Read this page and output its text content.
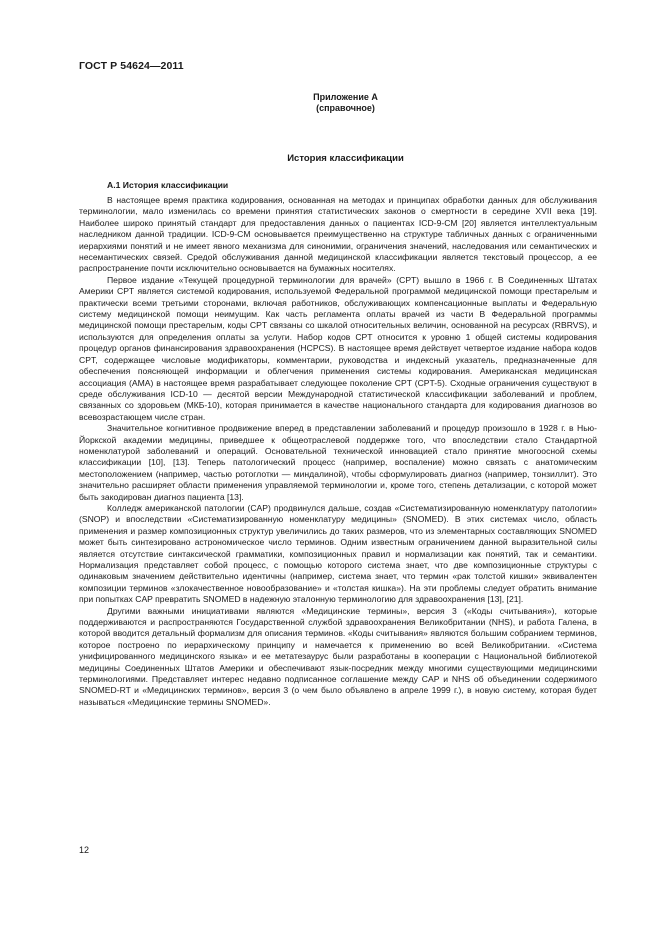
ГОСТ Р 54624—2011
Приложение А
(справочное)
История классификации
А.1 История классификации

В настоящее время практика кодирования, основанная на методах и принципах обработки данных для обслуживания терминологии, мало изменилась со времени принятия статистических законов о смертности в середине XVII века [19]. Наиболее широко принятый стандарт для предоставления данных о пациентах ICD-9-CM [20] является интеллектуальным наследником данной традиции. ICD-9-CM основывается преимущественно на структуре табличных данных с ограниченными иерархиями понятий и не имеет явного механизма для синонимии, ограничения значений, наследования или семантических и несемантических связей. Средой обслуживания данной медицинской классификации является текстовый процессор, а ее распространение почти исключительно основывается на бумажных носителях.

Первое издание «Текущей процедурной терминологии для врачей» (CPT) вышло в 1966 г. В Соединенных Штатах Америки CPT является системой кодирования, используемой Федеральной программой медицинской помощи престарелым и практически всеми третьими сторонами, включая работников, обслуживающих компенсационные выплаты и Федеральную систему медицинской помощи неимущим. Как часть регламента оплаты врачей из части B Федеральной программы медицинской помощи престарелым, коды CPT связаны со шкалой относительных величин, основанной на ресурсах (RBRVS), и используются для определения оплаты за услуги. Набор кодов CPT относится к уровню 1 общей системы кодирования процедур органов финансирования здравоохранения (HCPCS). В настоящее время действует четвертое издание набора кодов CPT, содержащее числовые модификаторы, комментарии, руководства и индексный указатель, предназначенные для обеспечения поясняющей информации и облегчения применения системы кодирования. Американская медицинская ассоциация (AMA) в настоящее время разрабатывает следующее поколение CPT (CPT-5). Сходные ограничения существуют в среде обслуживания ICD-10 — десятой версии Международной статистической классификации заболеваний и проблем, связанных со здоровьем (МКБ-10), которая принимается в качестве национального стандарта для кодирования диагнозов во всевозрастающем числе стран.

Значительное когнитивное продвижение вперед в представлении заболеваний и процедур произошло в 1928 г. в Нью-Йоркской академии медицины, приведшее к общеотраслевой поддержке того, что впоследствии стало Стандартной номенклатурой заболеваний и операций. Основательной технической инновацией стало принятие многоосной схемы классификации [10], [13]. Теперь патологический процесс (например, воспаление) можно связать с анатомическим местоположением (например, частью ротоглотки — миндалиной), чтобы сформулировать диагноз (например, тонзиллит). Это значительно расширяет области применения управляемой терминологии и, кроме того, степень детализации, с которой может быть закодирован диагноз пациента [13].

Колледж американской патологии (CAP) продвинулся дальше, создав «Систематизированную номенклатуру патологии» (SNOP) и впоследствии «Систематизированную номенклатуру медицины» (SNOMED). В этих системах число, область применения и размер композиционных структур увеличились до таких размеров, что из элементарных составляющих SNOMED может быть синтезировано астрономическое число терминов. Одним известным ограничением данной выразительной силы является отсутствие синтаксической грамматики, композиционных правил и нормализации как понятий, так и семантики. Нормализация представляет собой процесс, с помощью которого система знает, что две композиционные структуры с одинаковым значением действительно идентичны (например, система знает, что термин «рак толстой кишки» эквивалентен композиции терминов «злокачественное новообразование» и «толстая кишка»). На эти проблемы следует обратить внимание при попытках CAP превратить SNOMED в надежную эталонную терминологию для здравоохранения [13], [21].

Другими важными инициативами являются «Медицинские термины», версия 3 («Коды считывания»), которые поддерживаются и распространяются Государственной службой здравоохранения Великобритании (NHS), и работа Галена, в которой вводится детальный формализм для описания терминов. «Коды считывания» являются большим собранием терминов, которое построено по иерархическому принципу и намечается к применению во всей Великобритании. «Система унифицированного медицинского языка» и ее метатезаурус были разработаны в кооперации с Национальной библиотекой медицины Соединенных Штатов Америки и обеспечивают язык-посредник между многими существующими медицинскими терминологиями. Представляет интерес недавно подписанное соглашение между CAP и NHS об объединении содержимого SNOMED-RT и «Медицинских терминов», версия 3 (о чем было объявлено в апреле 1999 г.), в новую систему, которая будет называться «Медицинские термины SNOMED».

12
